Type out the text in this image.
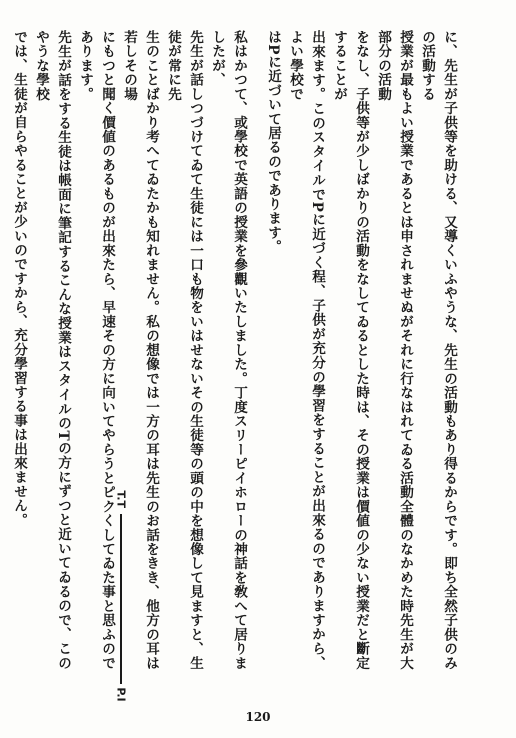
に、先生が子供等を助ける、又導くいふやうな、先生の活動もあり得るからです。即ち全然子供のみの活動する
授業が最もよい授業であるとは申されませぬがそれに行なはれてゐる活動全體のなかめた時先生が大部分の活動
をなし、子供等が少しばかりの活動をなしてゐるとした時は、その授業は價値の少ない授業だと斷定することが
出來ます。このスタイルでPに近づく程、子供が充分の學習をすることが出來るのでありますから、よい學校で
はPに近づいて居るのであります。
私はかつて、或學校で英語の授業を參觀いたしました。丁度スリーピイホローの神話を敎へて居りましたが、
先生が話しつづけてゐて生徒には一口も物をいはせないその生徒等の頭の中を想像して見ますと、生徒が常に先
生のことばかり考へてゐたかも知れません。私の想像では一方の耳は先生のお話をきき、他方の耳は若しその場
にもつと聞く價値のあるものが出來たら、早速その方に向いてやらうとピクくしてゐた事と思ふのであります。
先生が話をする生徒は帳面に筆記するこんな授業はスタイルのTの方にずつと近いてゐるので、このやうな學校
では、生徒が自らやることが少いのですから、充分學習する事は出來ません。	T.T
P.I
120
